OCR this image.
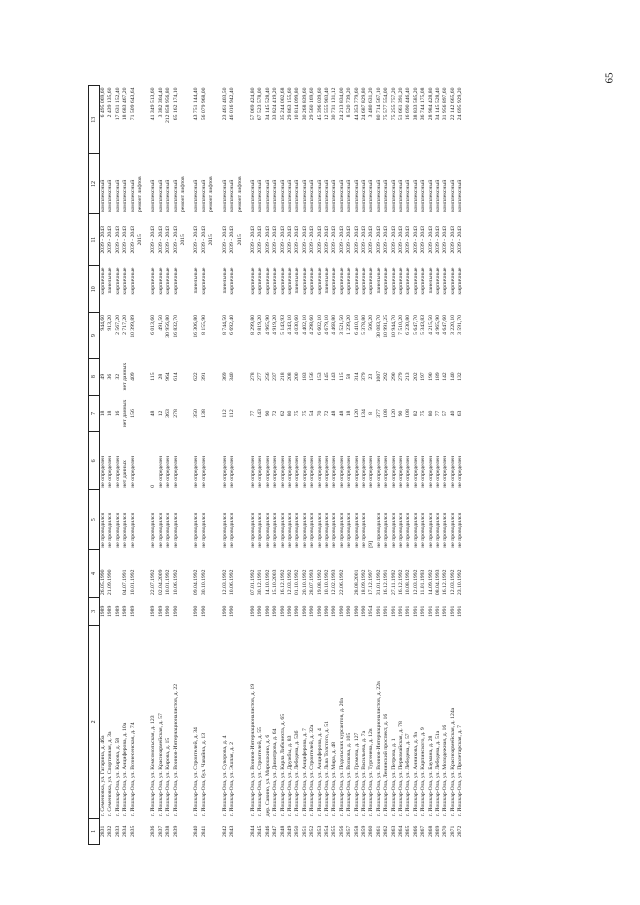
65
1	2	3	4	5	6	7	8	9	10	11	12	13
2831	г. Семеновка, ул. Гагарина, д. 46а	1989	26.05.1990	не проводился	не определен	18	49	944,60	кирпичные	2039 - 2043	комплексный	6 495 069,60
2832	г. Семеновка, ул. Спортивная, д. 3а	1989	21.09.1990	не проводился	не определен	18	36	913,20	панельные	2039 - 2043	комплексный	2 439 135,60
2833	г. Йошкар-Ола, ул. Кирова, д. 58	1989		не проводился	не определен	16	32	2 567,20	кирпичные	2039 - 2043	комплексный	17 631 152,40
2834	г. Йошкар-Ола, ул. Анциферова, д. 10а	1989	04.07.1991	не проводился	нет данных	нет данных	нет данных	2 717,20	кирпичные	2039 - 2043	комплексный	18 683 467,20
2835	г. Йошкар-Ола, ул. Вознесенская, д. 74	1989	10.01.1992	не проводился	не определен	156	409	10 399,89	кирпичные	2039 - 2043	комплексный	71 509 643,64
										2015	ремонт лифтов	

2836	г. Йошкар-Ола, ул. Комсомольская, д. 123	1989	22.07.1992	не проводился	0	48	115	6 013,60	кирпичные	2039 - 2043	комплексный	41 349 513,60
2837	г. Йошкар-Ола, ул. Красноармейская, д. 57	1989	02.04.2009	не проводился	не определен	12	28	491,50	кирпичные	2039 - 2043	комплексный	3 382 304,40
2838	г. Йошкар-Ола, ул. Кирова, д. 15	1990	10.01.1992	не проводился	не определен	363	964	30 956,80	кирпичные	2039 - 2043	комплексный	212 858 956,80
2839	г. Йошкар-Ола, ул. Воинов-Интернационалистов, д. 22	1990	10.06.1992	не проводился	не определен	278	614	16 832,70	кирпичные	2039 - 2043	комплексный	65 162 174,10
										2015	ремонт лифтов	

2840	г. Йошкар-Ола, ул. Строителей, д. 34	1990	09.04.1992	не проводился	не определен	350	622	16 306,80	панельные	2039 - 2043	комплексный	43 751 144,40
2841	г. Йошкар-Ола, бул. Чавайна, д. 13	1990	30.10.1992	не проводился	не определен	138	391	8 155,90	кирпичные	2039 - 2043	комплексный	56 079 968,00
										2015	ремонт лифтов	

2842	г. Йошкар-Ола, ул. Суворова, д. 4	1990	12.03.1992	не проводился	не определен	112	369	8 744,50	панельные	2039 - 2043	комплексный	23 461 403,50
2843	г. Йошкар-Ола, ул. Эшпая, д. 2	1990	10.06.1992	не проводился	не определен	112	340	6 692,40	кирпичные	2039 - 2043	комплексный	46 016 942,40
										2015	ремонт лифтов	

2844	г. Йошкар-Ола, ул. Воинов-Интернационалистов, д. 19	1990	07.01.1992	не проводился	не определен	77	278	8 299,80	кирпичные	2039 - 2043	комплексный	57 069 424,80
2845	г. Йошкар-Ола, ул. Строителей, д. 55	1990	30.12.1991	не проводился	не определен	143	277	9 819,20	кирпичные	2039 - 2043	комплексный	67 523 578,00
2846	дер. Савино, ул. Мирошкино, д. 6	1990	14.10.1992	не проводился	не определен	90	256	4 965,90	кирпичные	2039 - 2043	комплексный	34 145 528,40
2847	г. Йошкар-Ола, ул. Димитрова, д. 64	1990	15.10.2003	не проводился	не определен	72	237	4 919,20	кирпичные	2039 - 2043	комплексный	33 824 419,20
2848	г. Йошкар-Ола, ул. Карла Либкнехта, д. 65	1990	16.12.1992	не проводился	не определен	62	218	5 143,93	кирпичные	2039 - 2043	комплексный	35 244 002,68
2849	г. Йошкар-Ола, ул. Дружбы, д. 83	1990	12.03.1992	не проводился	не определен	80	208	4 343,10	кирпичные	2039 - 2043	комплексный	29 863 155,60
2850	г. Йошкар-Ола, ул. Лебедева, д. 53б	1990	01.10.1992	не проводился	не определен	75	200	4 030,60	панельные	2039 - 2043	комплексный	10 814 099,80
2851	г. Йошкар-Ола, ул. Анциферова, д. 7	1990	20.10.1992	не проводился	не определен	75	183	4 402,10	кирпичные	2039 - 2043	комплексный	30 268 839,60
2852	г. Йошкар-Ола, ул. Строителей, д. 32а	1990	28.07.1993	не проводился	не определен	54	156	4 298,60	кирпичные	2039 - 2043	комплексный	29 560 169,60
2853	г. Йошкар-Ола, ул. Анциферова, д. 4	1990	19.08.1992	не проводился	не определен	70	153	6 602,10	кирпичные	2039 - 2043	комплексный	45 396 039,60
2854	г. Йошкар-Ола, ул. Льва Толстого, д. 51	1990	10.10.1992	не проводился	не определен	72	145	4 679,10	панельные	2039 - 2043	комплексный	12 555 903,40
2855	г. Йошкар-Ола, ул. Мира, д. 48	1990	12.02.1993	не проводился	не определен	48	143	4 468,80	кирпичные	2039 - 2043	комплексный	30 731 131,12
2856	г. Йошкар-Ола, ул. Подольских курсантов, д. 20а	1990	22.06.1992	не проводился	не определен	48	115	3 521,50	кирпичные	2039 - 2043	комплексный	24 213 834,00
2857	г. Йошкар-Ола, ул. Волкова, д. 105	1990		не проводился	не определен	18	58	1 239,20	кирпичные	2039 - 2043	комплексный	8 520 739,20
2858	г. Йошкар-Ола, ул. Громова, д. 127	1990	28.08.2001	не проводился	не определен	120	314	6 410,10	кирпичные	2039 - 2043	комплексный	44 353 779,60
2859	г. Йошкар-Ола, ул. Васильева, д. 7а	1990	18.09.1992	не проводился	не определен	134	379	5 378,80	кирпичные	2039 - 2043	комплексный	24 687 829,80
2860	г. Йошкар-Ола, ул. Тургенева, д. 12в	1954	17.12.1997	[9]	не определен	8	23	506,20	кирпичные	2039 - 2043	комплексный	3 480 631,20
2861	г. Йошкар-Ола, ул. Воинов-Интернационалистов, д. 22в	1991	31.01.1992	не проводился	не определен	377	1007	30 083,70	панельные	2039 - 2043	комплексный	80 714 567,10
2862	г. Йошкар-Ола, Ленинский проспект, д. 16	1991	16.12.1991	не проводился	не определен	108	292	10 991,25	кирпичные	2039 - 2043	комплексный	75 577 554,00
2863	г. Йошкар-Ола, ул. Петрова, д. 1	1991	27.11.1992	не проводился	не определен	120	290	10 944,70	кирпичные	2039 - 2043	комплексный	75 255 757,20
2864	г. Йошкар-Ола, ул. Первомайская, д. 78	1991	16.12.1992	не проводился	не определен	90	279	7 510,20	кирпичные	2039 - 2043	комплексный	51 661 391,20
2865	г. Йошкар-Ола, ул. Лебедева, д. 57	1991	10.08.1992	не проводился	не определен	108	213	6 230,80	кирпичные	2039 - 2043	комплексный	16 690 446,40
2866	г. Йошкар-Ола, ул. Анникова, д. 9а	1991	12.03.1992	не проводился	не определен	82	202	5 647,70	кирпичные	2039 - 2043	комплексный	38 833 585,20
2867	г. Йошкар-Ола, ул. Карпинского, д. 9	1991	11.01.1993	не проводился	не определен	75	197	5 343,83	кирпичные	2039 - 2043	комплексный	36 744 175,08
2868	г. Йошкар-Ола, ул. Баумана, д. 28	1991	14.09.1992	не проводился	не определен	80	190	4 215,50	панельные	2039 - 2043	комплексный	28 984 428,80
2869	г. Йошкар-Ола, ул. Лебедева, д. 51а	1991	08.04.1993	не проводился	не определен	77	189	4 965,90	кирпичные	2039 - 2043	комплексный	34 145 528,40
2870	г. Йошкар-Ола, ул. Молодежная, д. 16	1991	16.12.1992	не проводился	не определен	57	142	4 647,60	кирпичные	2039 - 2043	комплексный	31 956 897,60
2871	г. Йошкар-Ола, ул. Красноармейская, д. 124а	1991	12.03.1992	не проводился	не определен	40	140	3 220,10	кирпичные	2039 - 2043	комплексный	22 142 665,60
2872	г. Йошкар-Ола, ул. Пролетарская, д. 7	1991	23.10.1992	не проводился	не определен	63	132	3 591,70	кирпичные	2039 - 2043	комплексный	24 695 929,20
